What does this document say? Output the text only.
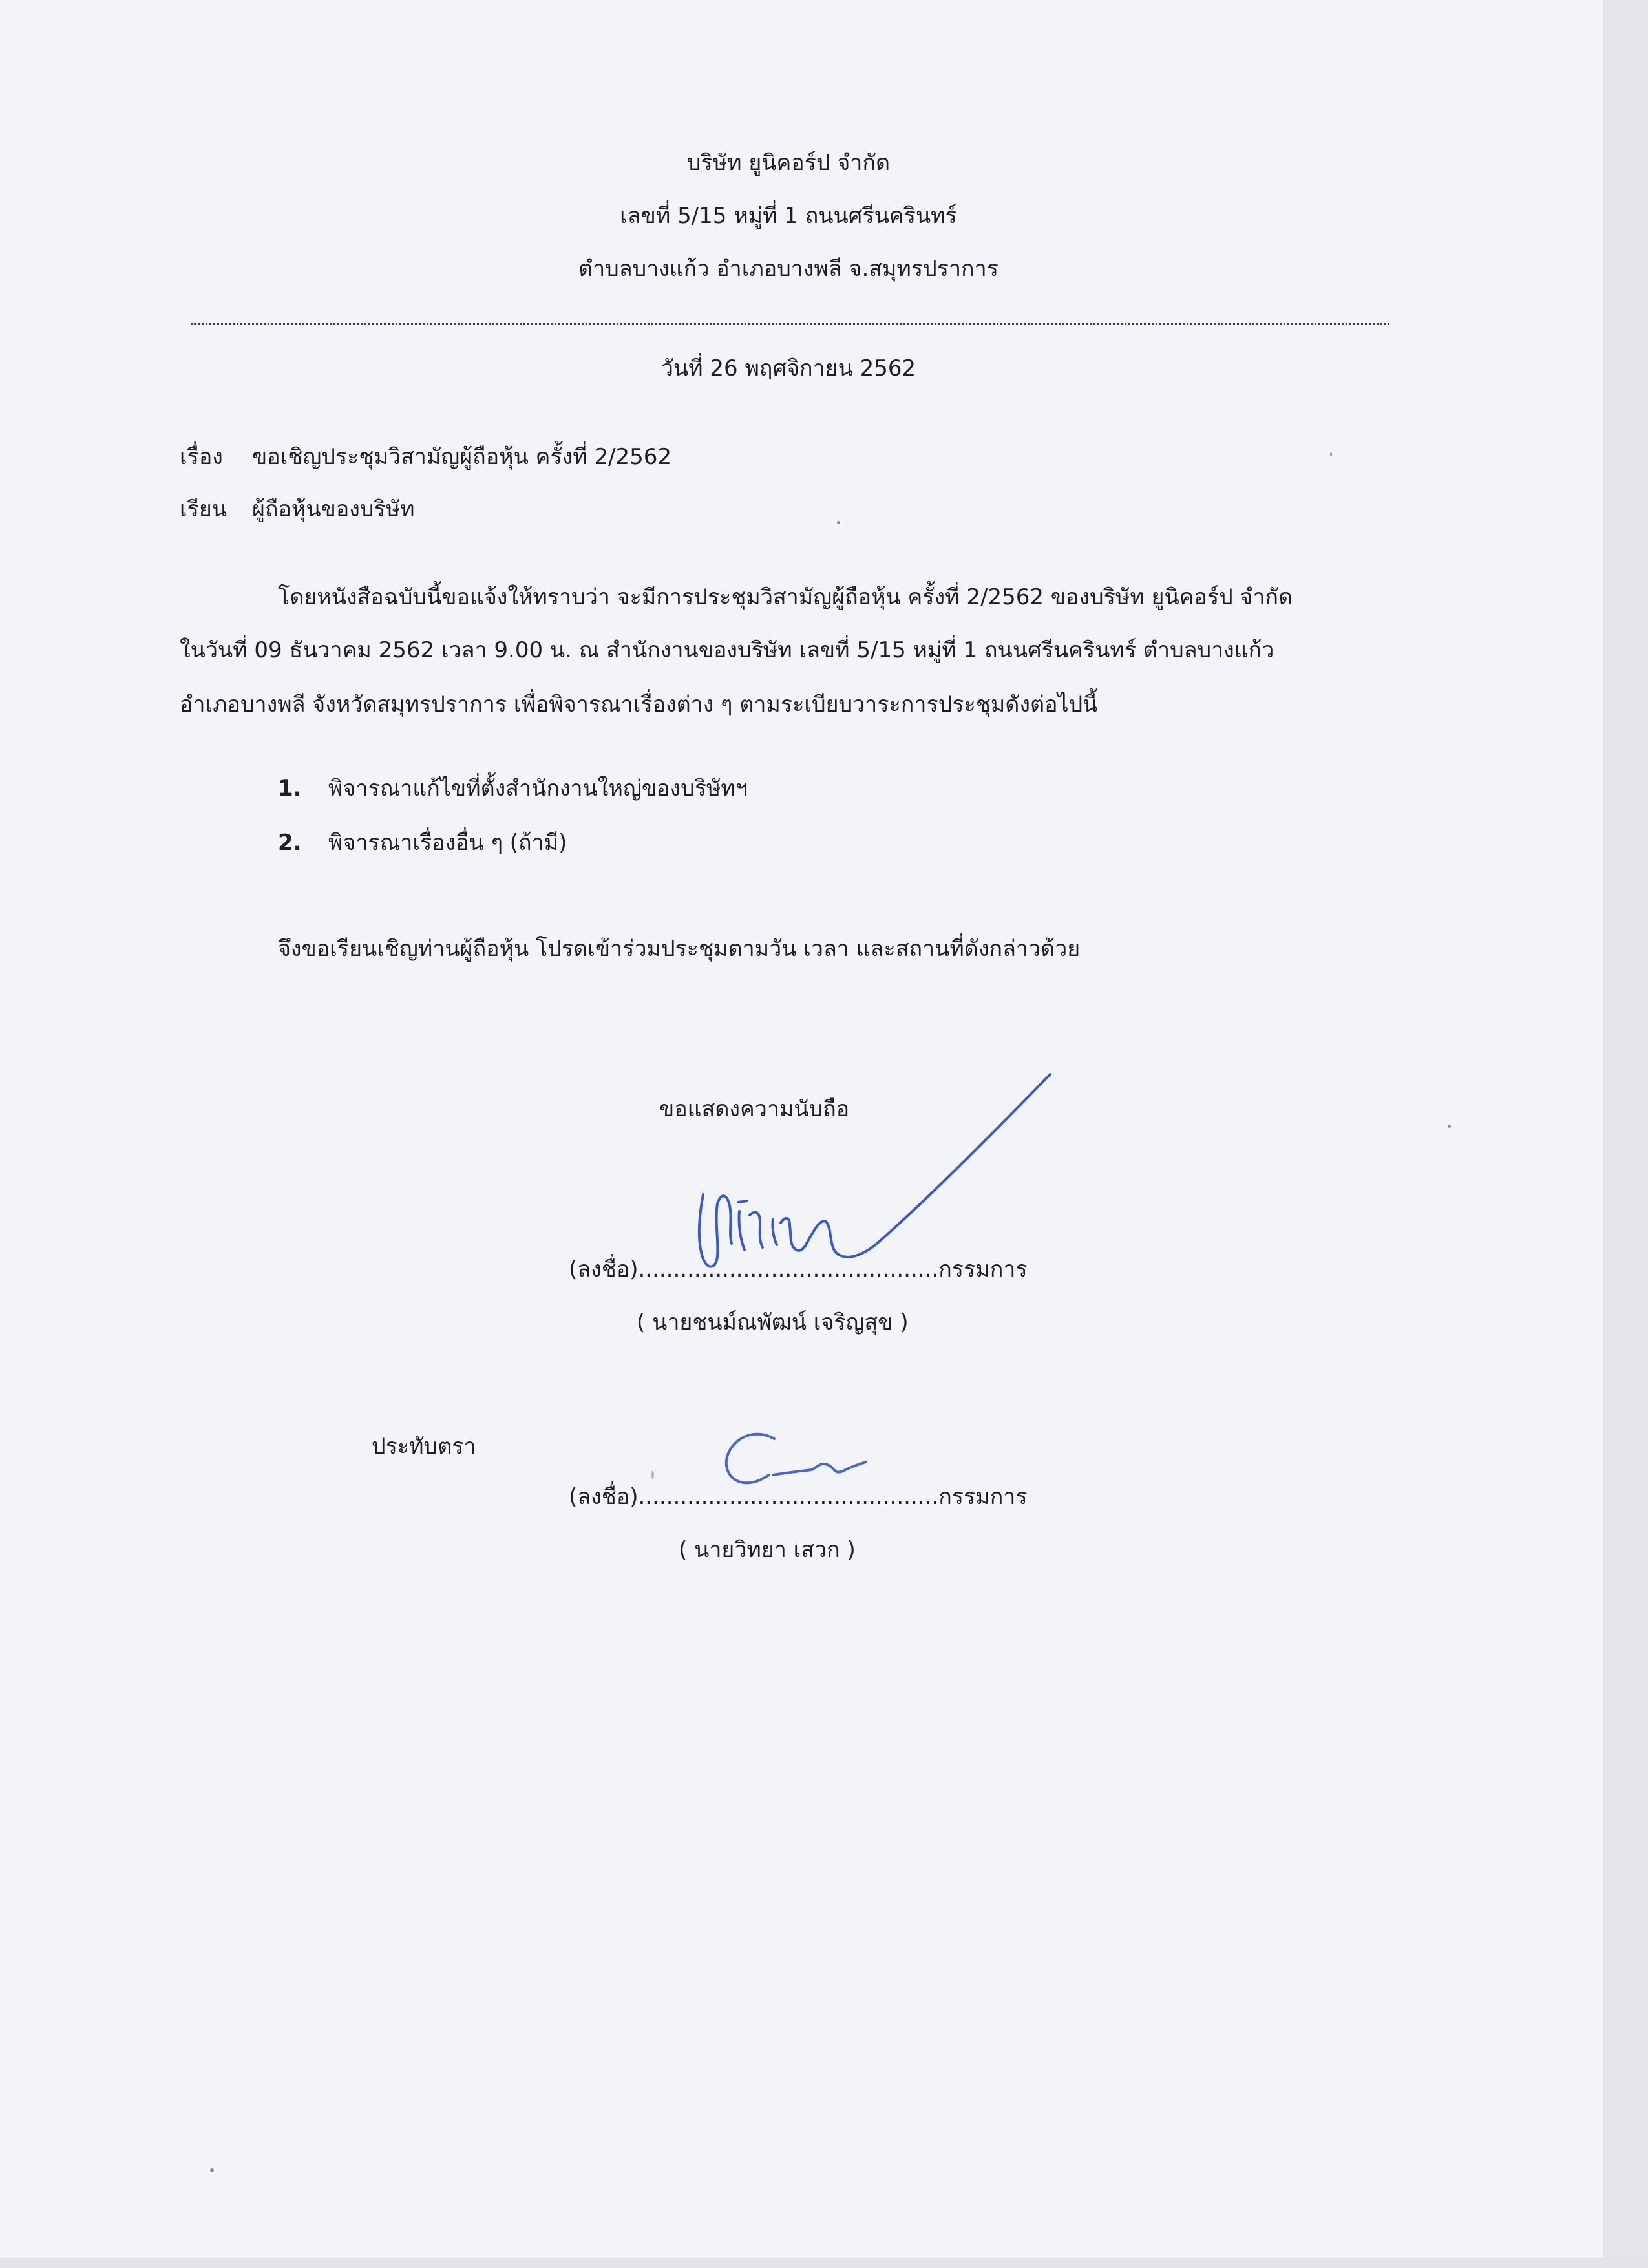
บริษัท ยูนิคอร์ป จำกัด
เลขที่ 5/15 หมู่ที่ 1 ถนนศรีนครินทร์
ตำบลบางแก้ว อำเภอบางพลี จ.สมุทรปราการ
วันที่ 26 พฤศจิกายน 2562
เรื่อง ขอเชิญประชุมวิสามัญผู้ถือหุ้น ครั้งที่ 2/2562
เรียน ผู้ถือหุ้นของบริษัท
โดยหนังสือฉบับนี้ขอแจ้งให้ทราบว่า จะมีการประชุมวิสามัญผู้ถือหุ้น ครั้งที่ 2/2562 ของบริษัท ยูนิคอร์ป จำกัด
ในวันที่ 09 ธันวาคม 2562 เวลา 9.00 น. ณ สำนักงานของบริษัท เลขที่ 5/15 หมู่ที่ 1 ถนนศรีนครินทร์ ตำบลบางแก้ว
อำเภอบางพลี จังหวัดสมุทรปราการ เพื่อพิจารณาเรื่องต่าง ๆ ตามระเบียบวาระการประชุมดังต่อไปนี้
1. พิจารณาแก้ไขที่ตั้งสำนักงานใหญ่ของบริษัทฯ
2. พิจารณาเรื่องอื่น ๆ (ถ้ามี)
จึงขอเรียนเชิญท่านผู้ถือหุ้น โปรดเข้าร่วมประชุมตามวัน เวลา และสถานที่ดังกล่าวด้วย
ขอแสดงความนับถือ
(ลงชื่อ)...........................................กรรมการ
( นายชนม์ณพัฒน์ เจริญสุข )
ประทับตรา
(ลงชื่อ)...........................................กรรมการ
( นายวิทยา เสวก )
